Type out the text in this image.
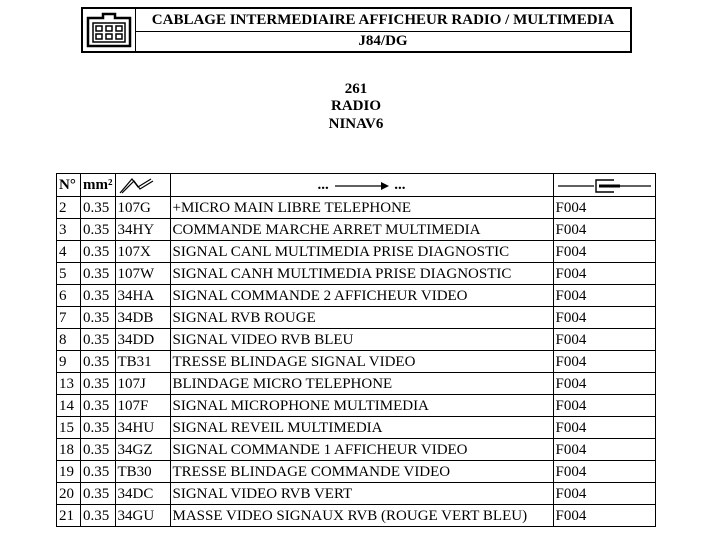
CABLAGE INTERMEDIAIRE AFFICHEUR RADIO / MULTIMEDIA
J84/DG
261
RADIO
NINAV6
N°	mm²		... ...	

2	0.35	107G	+MICRO MAIN LIBRE TELEPHONE	F004
3	0.35	34HY	COMMANDE MARCHE ARRET MULTIMEDIA	F004
4	0.35	107X	SIGNAL CANL MULTIMEDIA PRISE DIAGNOSTIC	F004
5	0.35	107W	SIGNAL CANH MULTIMEDIA PRISE DIAGNOSTIC	F004
6	0.35	34HA	SIGNAL COMMANDE 2 AFFICHEUR VIDEO	F004
7	0.35	34DB	SIGNAL RVB ROUGE	F004
8	0.35	34DD	SIGNAL VIDEO RVB BLEU	F004
9	0.35	TB31	TRESSE BLINDAGE SIGNAL VIDEO	F004
13	0.35	107J	BLINDAGE MICRO TELEPHONE	F004
14	0.35	107F	SIGNAL MICROPHONE MULTIMEDIA	F004
15	0.35	34HU	SIGNAL REVEIL MULTIMEDIA	F004
18	0.35	34GZ	SIGNAL COMMANDE 1 AFFICHEUR VIDEO	F004
19	0.35	TB30	TRESSE BLINDAGE COMMANDE VIDEO	F004
20	0.35	34DC	SIGNAL VIDEO RVB VERT	F004
21	0.35	34GU	MASSE VIDEO SIGNAUX RVB (ROUGE VERT BLEU)	F004
